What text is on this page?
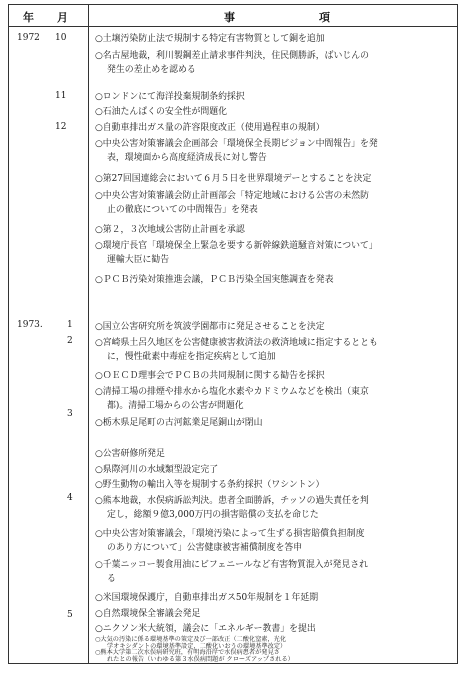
年 月	事	項
1972
1973.
10
11
12
1
2
3
4
5
○土壌汚染防止法で規制する特定有害物質として銅を追加
○名古屋地裁，利川製鋼差止請求事件判決，住民側勝訴，ばいじんの
発生の差止めを認める
○ロンドンにて海洋投棄規制条約採択
○石油たんぱくの安全性が問題化
○自動車排出ガス量の許容限度改正（使用過程車の規制）
○中央公害対策審議会企画部会「環境保全長期ビジョン中間報告」を発
表，環境面から高度経済成長に対し警告
○第27回国連総会において６月５日を世界環境デーとすることを決定
○中央公害対策審議会防止計画部会「特定地域における公害の未然防
止の徹底についての中間報告」を発表
○第２，３次地域公害防止計画を承認
○環境庁長官「環境保全上緊急を要する新幹線鉄道騒音対策について」
運輸大臣に勧告
○ＰＣＢ汚染対策推進会議，ＰＣＢ汚染全国実態調査を発表
○国立公害研究所を筑波学園都市に発足させることを決定
○宮崎県土呂久地区を公害健康被害救済法の救済地域に指定するととも
に，慢性砒素中毒症を指定疾病として追加
○ＯＥＣＤ理事会でＰＣＢの共同規制に関する勧告を採択
○清掃工場の排煙や排水から塩化水素やカドミウムなどを検出（東京
都)。清掃工場からの公害が問題化
○栃木県足尾町の古河鉱業足尾銅山が閉山
○公害研修所発足
○県際河川の水域類型設定完了
○野生動物の輸出入等を規制する条約採択（ワシントン）
○熊本地裁，水俣病訴訟判決。患者全面勝訴，チッソの過失責任を判
定し，総額９億3,000万円の損害賠償の支払を命じた
○中央公害対策審議会，「環境汚染によって生ずる損害賠償負担制度
のあり方について」公害健康被害補償制度を答申
○千葉ニッコー製食用油にビフェニールなど有害物質混入が発見され
る
○米国環境保護庁，自動車排出ガス50年規制を１年延期
○自然環境保全審議会発足
○ニクソン米大統領，議会に「エネルギー教書」を提出
○大気の汚染に係る環境基準の策定及び一部改正（二酸化窒素，光化
学オキシダントの環境基準設定，二酸化いおうの環境基準改定）
○熊本大学第二次水俣病研究班，有明海沿岸で水俣病患者が発見さ
れたとの報告（いわゆる第３水俣病問題が クローズアップされる）
